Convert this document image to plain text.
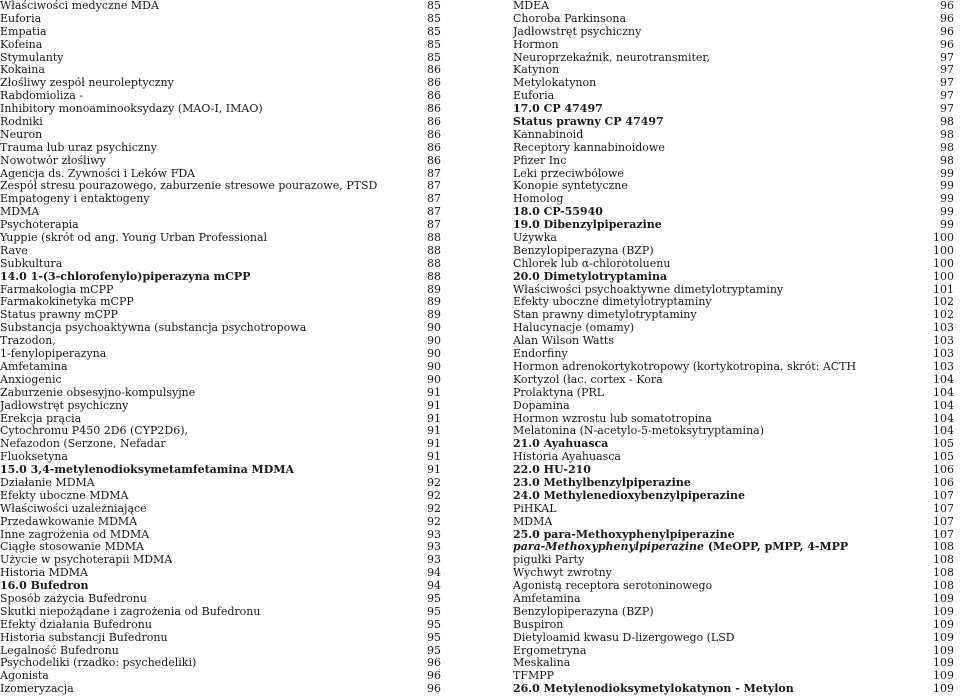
Właściwości medyczne MDA	85
Euforia	85
Empatia	85
Kofeina	85
Stymulanty	85
Kokaina	86
Złośliwy zespół neuroleptyczny	86
Rabdomioliza -	86
Inhibitory monoaminooksydazy (MAO-I, IMAO)	86
Rodniki	86
Neuron	86
Trauma lub uraz psychiczny	86
Nowotwór złośliwy	86
Agencja ds. Żywności i Leków FDA	87
Zespół stresu pourazowego, zaburzenie stresowe pourazowe, PTSD	87
Empatogeny i entaktogeny	87
MDMA	87
Psychoterapia	87
Yuppie (skrót od ang. Young Urban Professional	88
Rave	88
Subkultura	88
14.0 1-(3-chlorofenylo)piperazyna mCPP	88
Farmakologia mCPP	89
Farmakokinetyka mCPP	89
Status prawny mCPP	89
Substancja psychoaktywna (substancja psychotropowa	90
Trazodon,	90
1-fenylopiperazyna	90
Amfetamina	90
Anxiogenic	90
Zaburzenie obsesyjno-kompulsyjne	91
Jadłowstręt psychiczny	91
Erekcja prącia	91
Cytochromu P450 2D6 (CYP2D6),	91
Nefazodon (Serzone, Nefadar	91
Fluoksetyna	91
15.0 3,4-metylenodioksymetamfetamina MDMA	91
Działanie MDMA	92
Efekty uboczne MDMA	92
Właściwości uzależniające	92
Przedawkowanie MDMA	92
Inne zagrożenia od MDMA	93
Ciągłe stosowanie MDMA	93
Użycie w psychoterapii MDMA	93
Historia MDMA	94
16.0 Bufedron	94
Sposób zażycia Bufedronu	95
Skutki niepożądane i zagrożenia od Bufedronu	95
Efekty działania Bufedronu	95
Historia substancji Bufedronu	95
Legalność Bufedronu	95
Psychodeliki (rzadko: psychedeliki)	96
Agonista	96
Izomeryzacja	96
MDEA	96
Choroba Parkinsona	96
Jadłowstręt psychiczny	96
Hormon	96
Neuroprzekaźnik, neurotransmiter,	97
Katynon	97
Metylokatynon	97
Euforia	97
17.0 CP 47497	97
Status prawny CP 47497	98
Kannabinoid	98
Receptory kannabinoidowe	98
Pfizer Inc	98
Leki przeciwbólowe	99
Konopie syntetyczne	99
Homolog	99
18.0 CP-55940	99
19.0 Dibenzylpiperazine	99
Używka	100
Benzylopiperazyna (BZP)	100
Chlorek lub α-chlorotoluenu	100
20.0 Dimetylotryptamina	100
Właściwości psychoaktywne dimetylotryptaminy	101
Efekty uboczne dimetylotryptaminy	102
Stan prawny dimetylotryptaminy	102
Halucynacje (omamy)	103
Alan Wilson Watts	103
Endorfiny	103
Hormon adrenokortykotropowy (kortykotropina, skrót: ACTH	103
Kortyzol (łac. cortex - Kora	104
Prolaktyna (PRL	104
Dopamina	104
Hormon wzrostu lub somatotropina	104
Melatonina (N-acetylo-5-metoksytryptamina)	104
21.0 Ayahuasca	105
Historia Ayahuasca	105
22.0 HU-210	106
23.0 Methylbenzylpiperazine	106
24.0 Methylenedioxybenzylpiperazine	107
PiHKAL	107
MDMA	107
25.0 para-Methoxyphenylpiperazine	107
para-Methoxyphenylpiperazine (MeOPP, pMPP, 4-MPP	108
pigułki Party	108
Wychwyt zwrotny	108
Agonistą receptora serotoninowego	108
Amfetamina	109
Benzylopiperazyna (BZP)	109
Buspiron	109
Dietyloamid kwasu D-lizergowego (LSD	109
Ergometryna	109
Meskalina	109
TFMPP	109
26.0 Metylenodioksymetylokatynon - Metylon	109
